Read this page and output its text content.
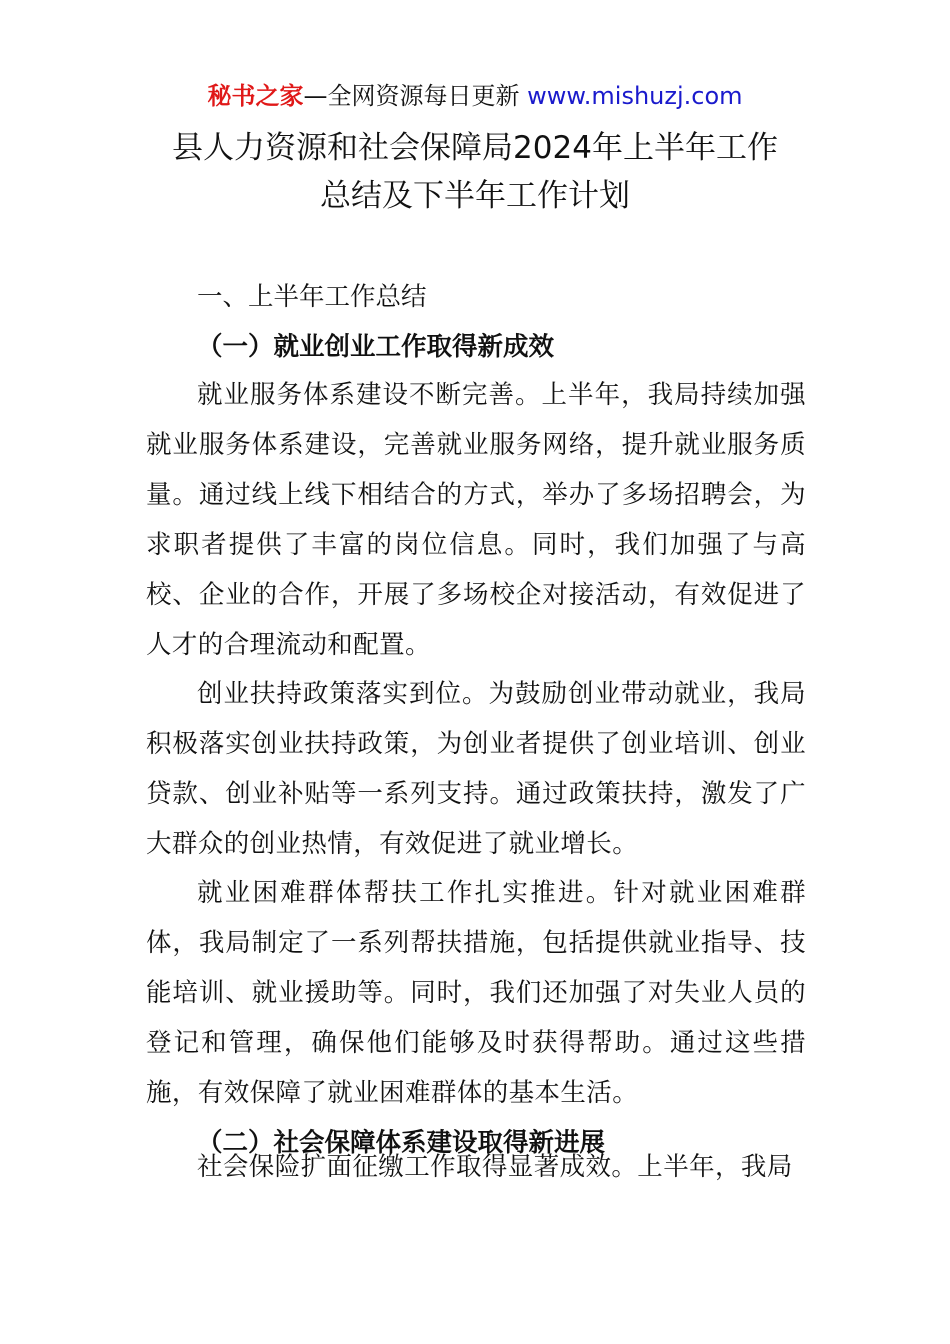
秘书之家—全网资源每日更新 www.mishuzj.com
县人力资源和社会保障局2024年上半年工作
总结及下半年工作计划
一、上半年工作总结
（一）就业创业工作取得新成效

就业服务体系建设不断完善。上半年，我局持续加强就业服务体系建设，完善就业服务网络，提升就业服务质量。通过线上线下相结合的方式，举办了多场招聘会，为求职者提供了丰富的岗位信息。同时，我们加强了与高校、企业的合作，开展了多场校企对接活动，有效促进了人才的合理流动和配置。

创业扶持政策落实到位。为鼓励创业带动就业，我局积极落实创业扶持政策，为创业者提供了创业培训、创业贷款、创业补贴等一系列支持。通过政策扶持，激发了广大群众的创业热情，有效促进了就业增长。

就业困难群体帮扶工作扎实推进。针对就业困难群体，我局制定了一系列帮扶措施，包括提供就业指导、技能培训、就业援助等。同时，我们还加强了对失业人员的登记和管理，确保他们能够及时获得帮助。通过这些措施，有效保障了就业困难群体的基本生活。

（二）社会保障体系建设取得新进展

社会保险扩面征缴工作取得显著成效。上半年，我局
